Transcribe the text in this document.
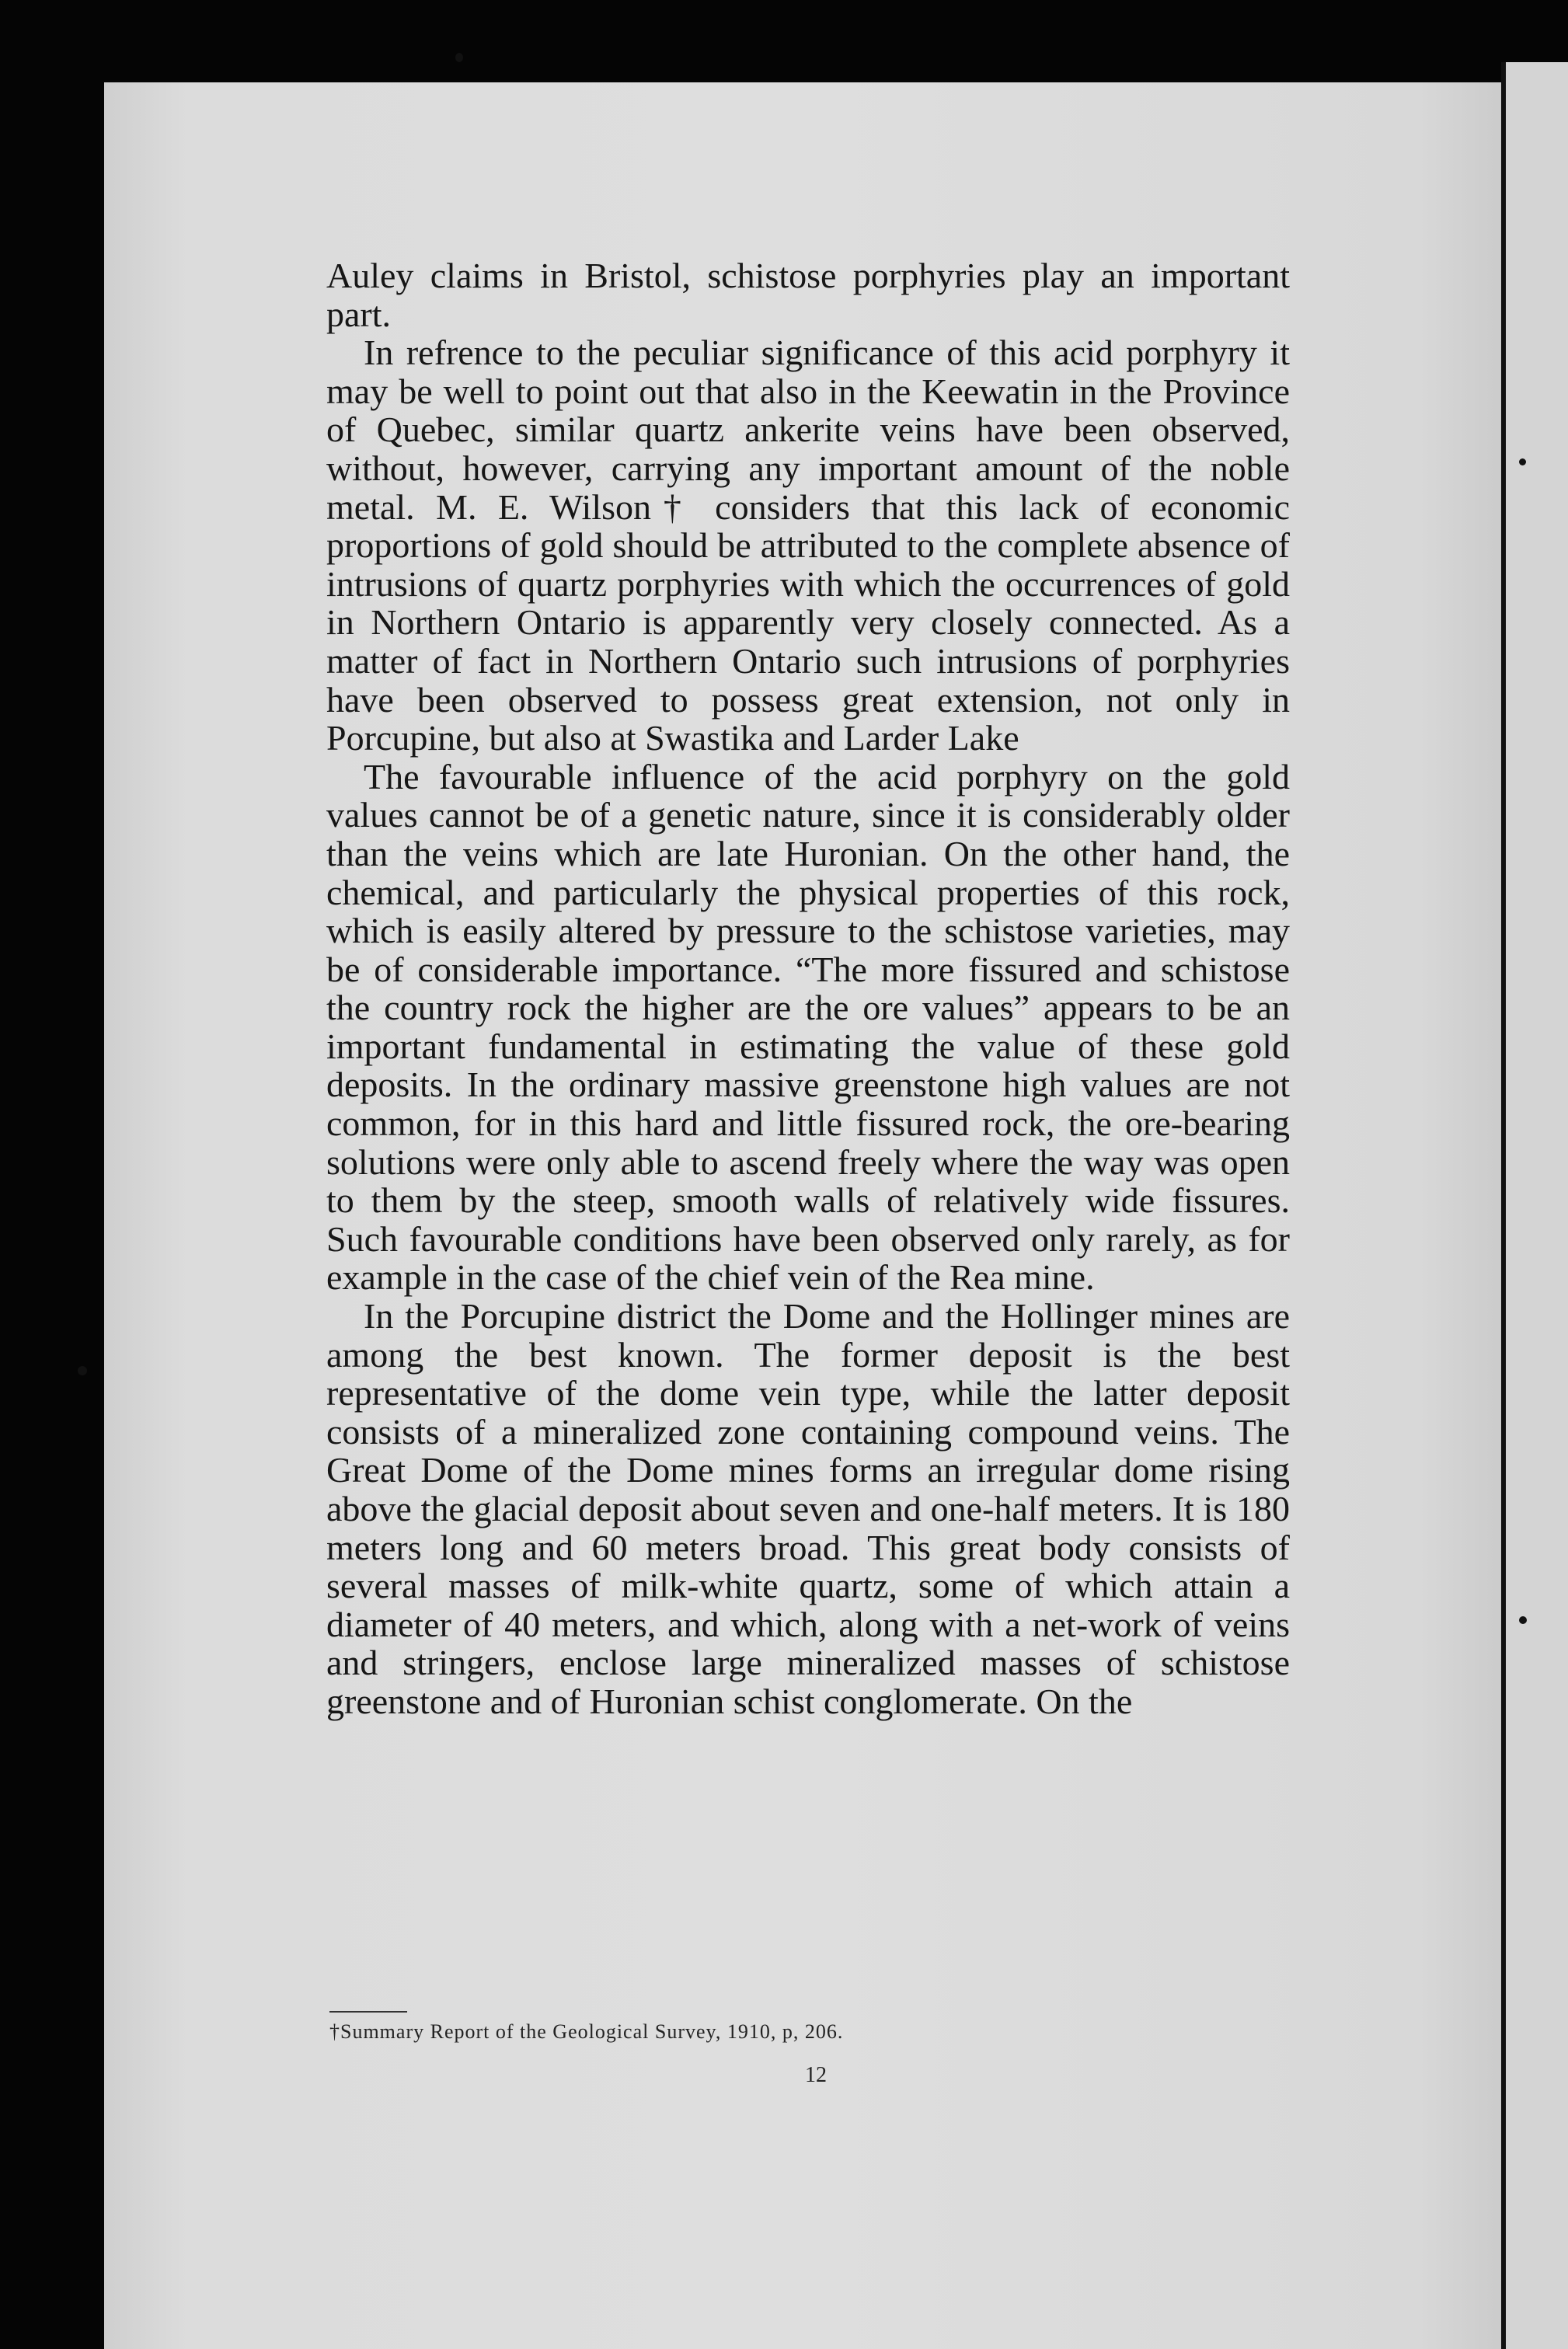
Auley claims in Bristol, schistose porphyries play an important part.

In refrence to the peculiar significance of this acid porphyry it may be well to point out that also in the Keewatin in the Province of Quebec, similar quartz ankerite veins have been observed, without, however, carrying any important amount of the noble metal. M. E. Wilson† considers that this lack of economic proportions of gold should be attributed to the complete absence of intrusions of quartz porphyries with which the occurrences of gold in Northern Ontario is apparently very closely connected. As a matter of fact in Northern Ontario such intrusions of porphyries have been observed to possess great extension, not only in Porcupine, but also at Swastika and Larder Lake

The favourable influence of the acid porphyry on the gold values cannot be of a genetic nature, since it is considerably older than the veins which are late Huronian. On the other hand, the chemical, and particularly the physical properties of this rock, which is easily altered by pressure to the schistose varieties, may be of considerable importance. “The more fissured and schistose the country rock the higher are the ore values” appears to be an important fundamental in estimating the value of these gold deposits. In the ordinary massive greenstone high values are not common, for in this hard and little fissured rock, the ore-bearing solutions were only able to ascend freely where the way was open to them by the steep, smooth walls of relatively wide fissures. Such favourable conditions have been observed only rarely, as for example in the case of the chief vein of the Rea mine.

In the Porcupine district the Dome and the Hollinger mines are among the best known. The former deposit is the best representative of the dome vein type, while the latter deposit consists of a mineralized zone containing compound veins. The Great Dome of the Dome mines forms an irregular dome rising above the glacial deposit about seven and one-half meters. It is 180 meters long and 60 meters broad. This great body consists of several masses of milk-white quartz, some of which attain a diameter of 40 meters, and which, along with a net-work of veins and stringers, enclose large mineralized masses of schistose greenstone and of Huronian schist conglomerate. On the

†Summary Report of the Geological Survey, 1910, p, 206.
12
